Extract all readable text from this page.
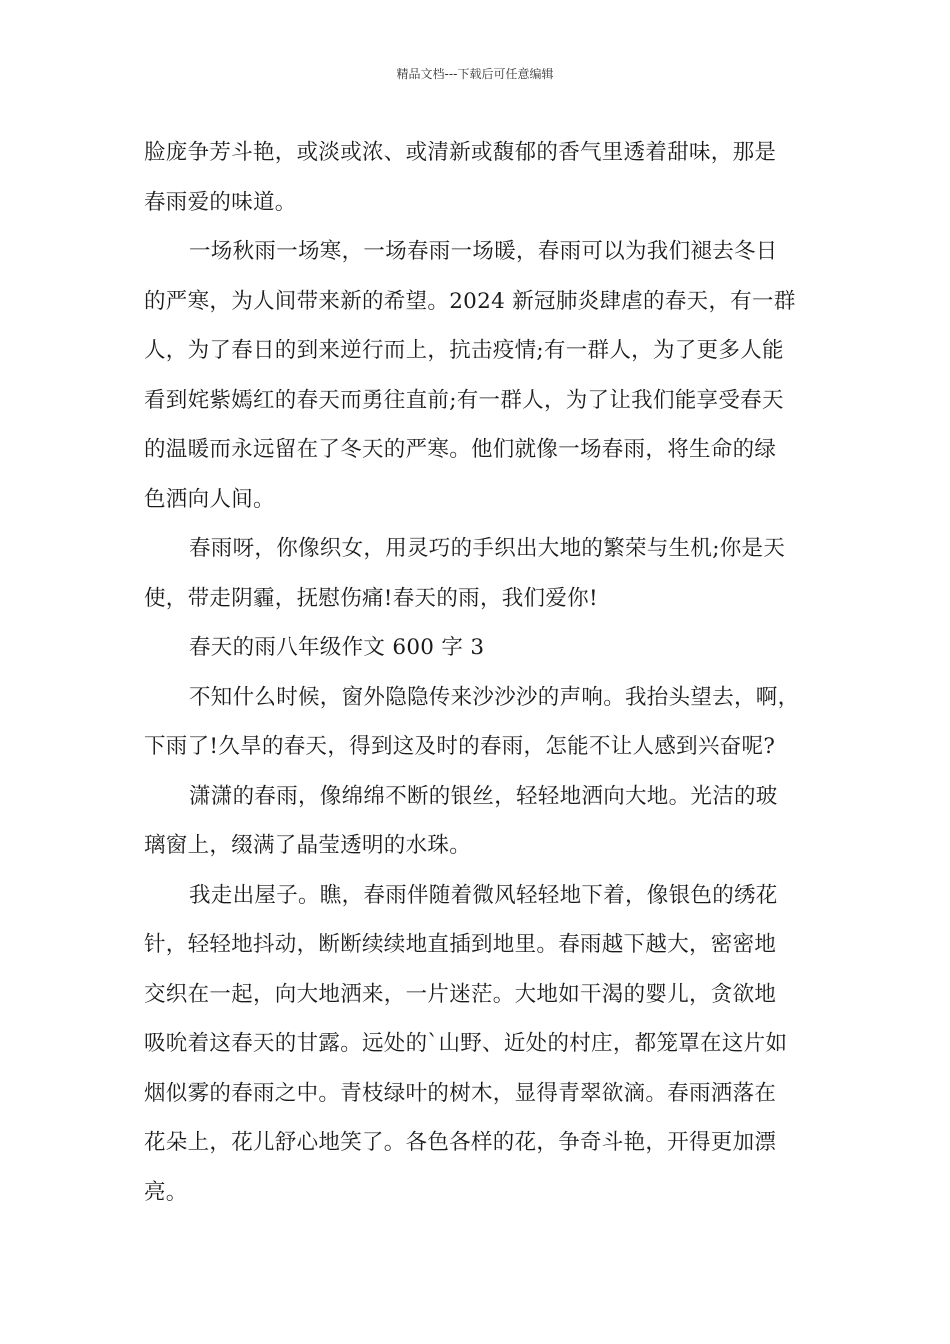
精品文档---下载后可任意编辑
脸庞争芳斗艳，或淡或浓、或清新或馥郁的香气里透着甜味，那是
春雨爱的味道。
一场秋雨一场寒，一场春雨一场暖，春雨可以为我们褪去冬日
的严寒，为人间带来新的希望。2024 新冠肺炎肆虐的春天，有一群
人，为了春日的到来逆行而上，抗击疫情;有一群人，为了更多人能
看到姹紫嫣红的春天而勇往直前;有一群人，为了让我们能享受春天
的温暖而永远留在了冬天的严寒。他们就像一场春雨，将生命的绿
色洒向人间。
春雨呀，你像织女，用灵巧的手织出大地的繁荣与生机;你是天
使，带走阴霾，抚慰伤痛!春天的雨，我们爱你!
春天的雨八年级作文 600 字 3
不知什么时候，窗外隐隐传来沙沙沙的声响。我抬头望去，啊，
下雨了!久旱的春天，得到这及时的春雨，怎能不让人感到兴奋呢?
潇潇的春雨，像绵绵不断的银丝，轻轻地洒向大地。光洁的玻
璃窗上，缀满了晶莹透明的水珠。
我走出屋子。瞧，春雨伴随着微风轻轻地下着，像银色的绣花
针，轻轻地抖动，断断续续地直插到地里。春雨越下越大，密密地
交织在一起，向大地洒来，一片迷茫。大地如干渴的婴儿，贪欲地
吸吮着这春天的甘露。远处的`山野、近处的村庄，都笼罩在这片如
烟似雾的春雨之中。青枝绿叶的树木，显得青翠欲滴。春雨洒落在
花朵上，花儿舒心地笑了。各色各样的花，争奇斗艳，开得更加漂
亮。
